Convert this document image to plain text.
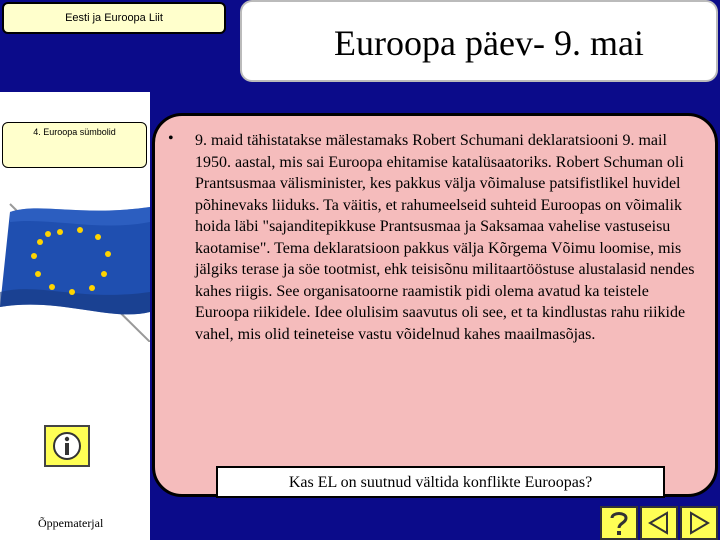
Eesti ja Euroopa Liit
Euroopa päev- 9. mai
4. Euroopa sümbolid
Õppematerjal
• 9. maid tähistatakse mälestamaks Robert Schumani deklaratsiooni 9. mail 1950. aastal, mis sai Euroopa ehitamise katalüsaatoriks. Robert Schuman oli Prantsusmaa välisminister, kes pakkus välja võimaluse patsifistlikel huvidel põhinevaks liiduks. Ta väitis, et rahumeelseid suhteid Euroopas on võimalik hoida läbi "sajanditepikkuse Prantsusmaa ja Saksamaa vahelise vastuseisu kaotamise". Tema deklaratsioon pakkus välja Kõrgema Võimu loomise, mis jälgiks terase ja söe tootmist, ehk teisisõnu militaartööstuse alustalasid nendes kahes riigis. See organisatoorne raamistik pidi olema avatud ka teistele Euroopa riikidele. Idee olulisim saavutus oli see, et ta kindlustas rahu riikide vahel, mis olid teineteise vastu võidelnud kahes maailmasõjas.

Kas EL on suutnud vältida konflikte Euroopas?
